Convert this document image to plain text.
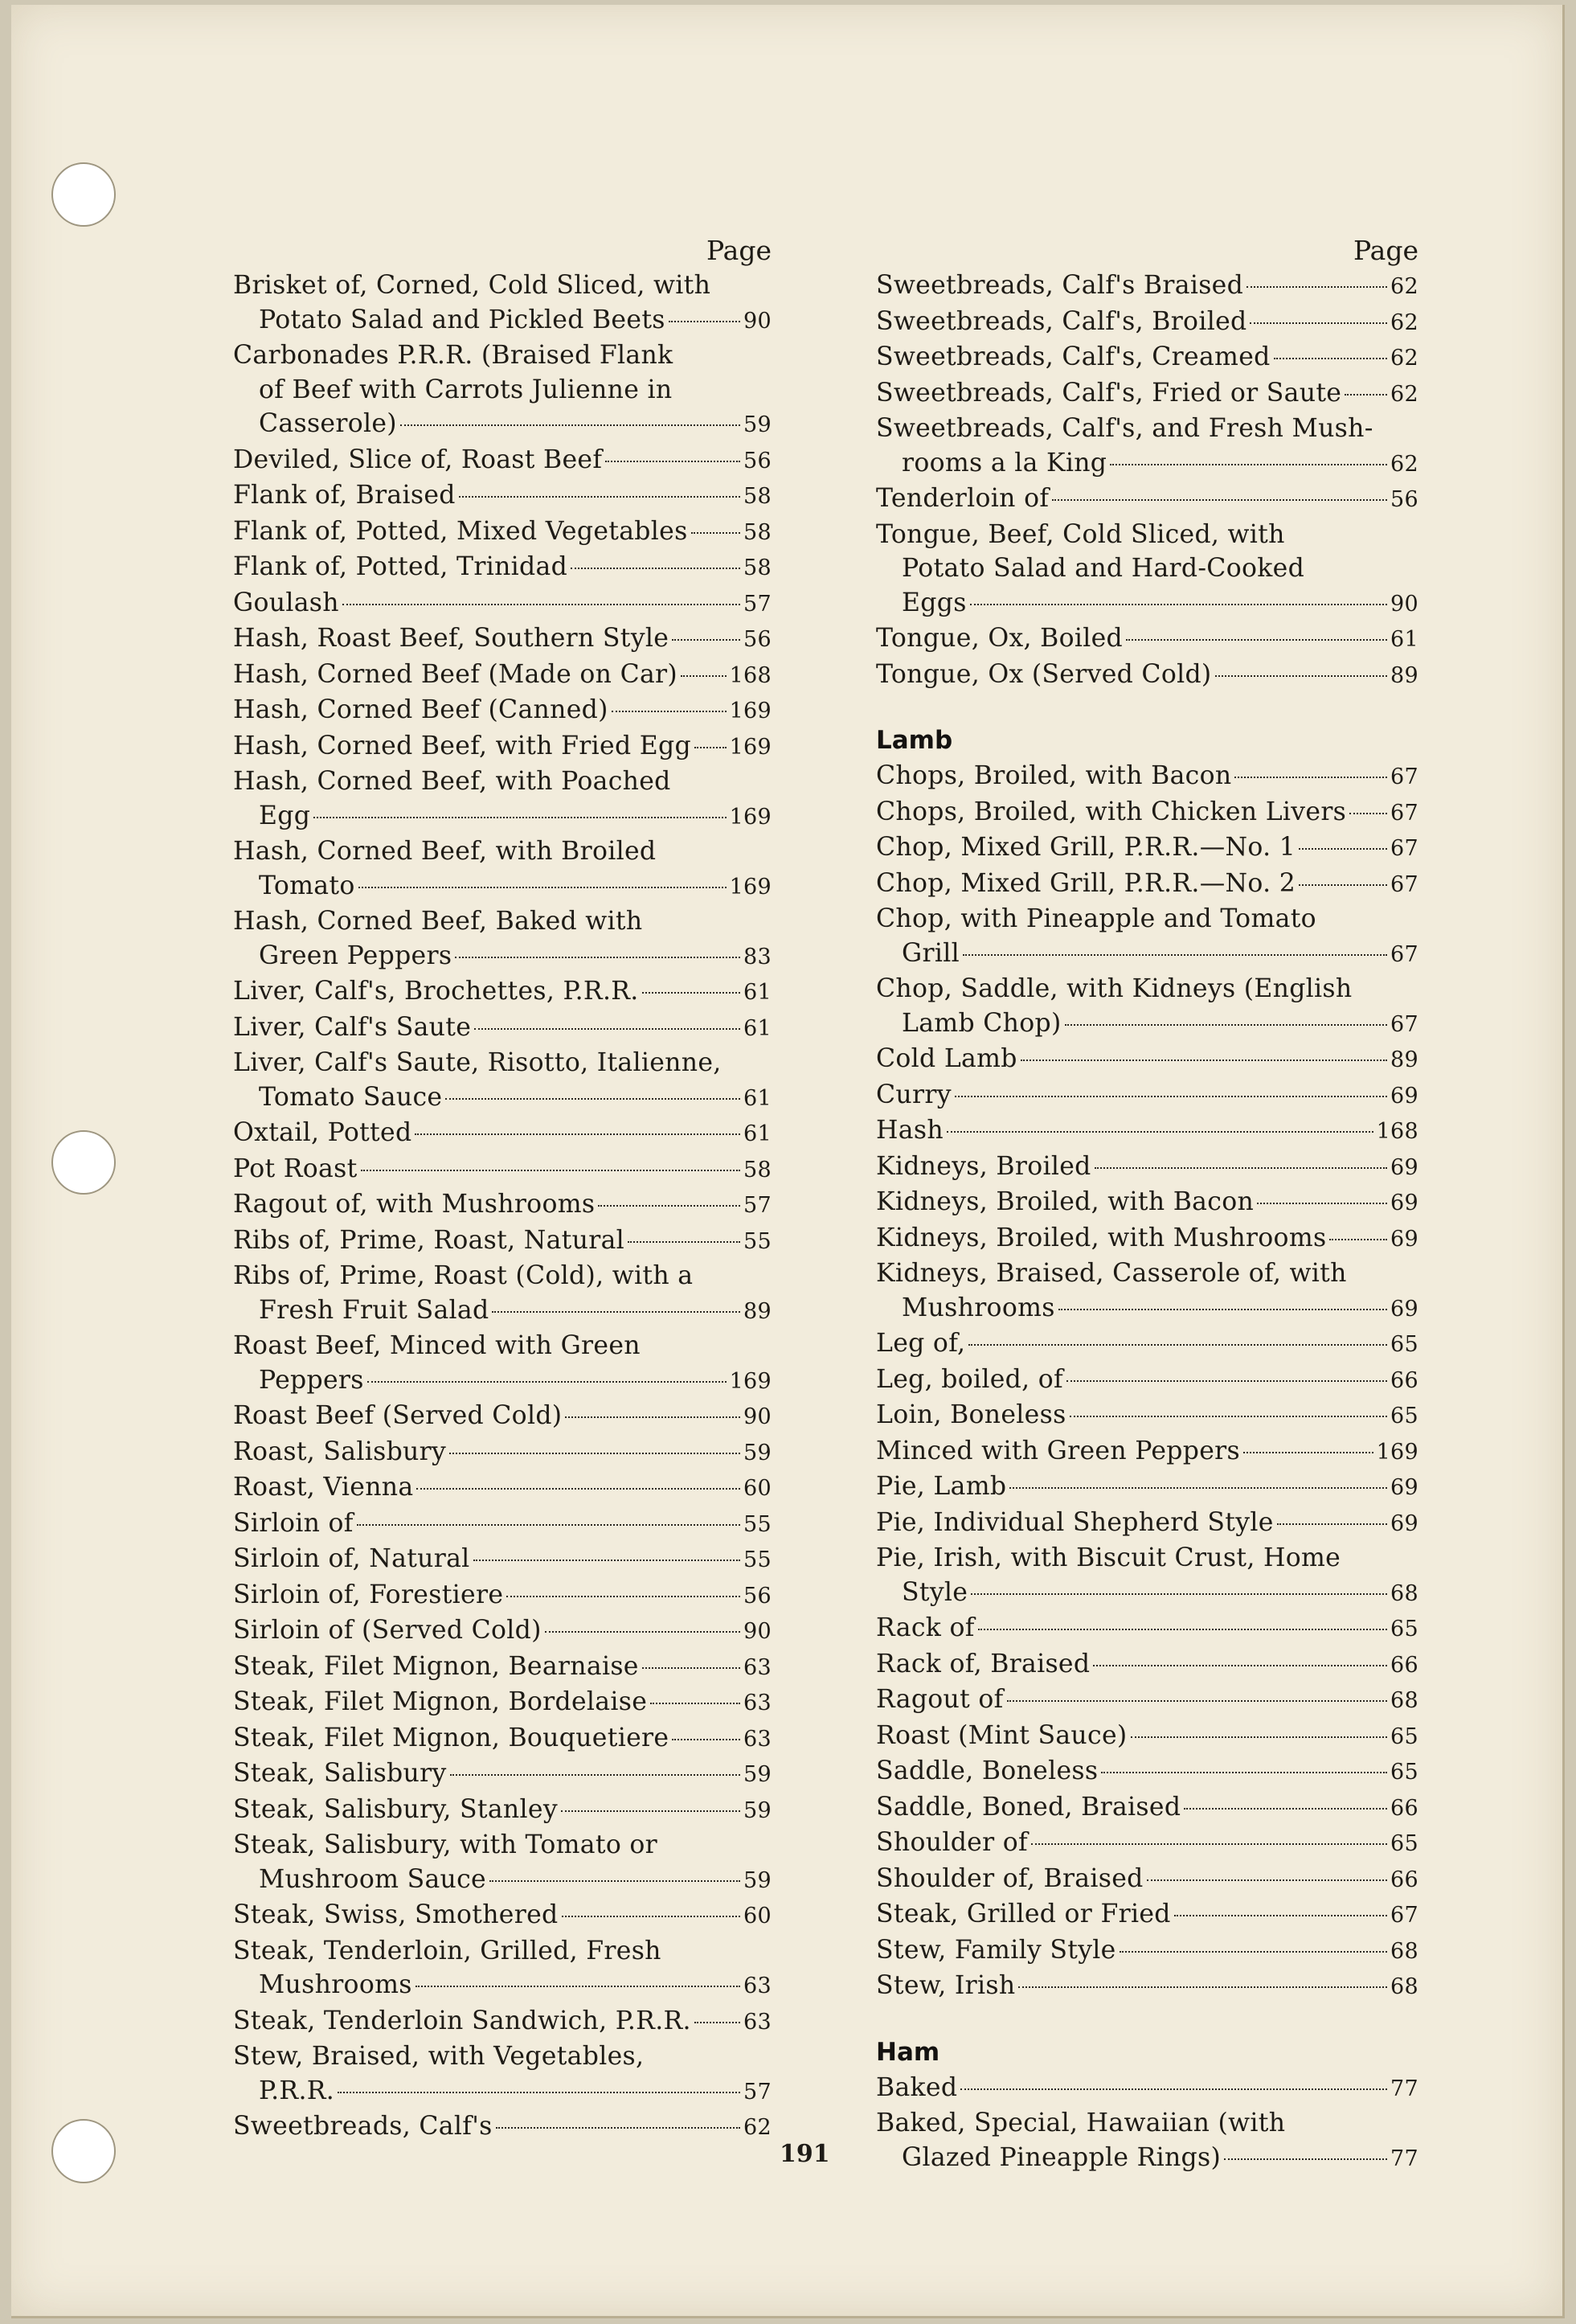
Page
Brisket of, Corned, Cold Sliced, with
Potato Salad and Pickled Beets	90
Carbonades P.R.R. (Braised Flank
of Beef with Carrots Julienne in
Casserole)	59
Deviled, Slice of, Roast Beef	56
Flank of, Braised	58
Flank of, Potted, Mixed Vegetables	58
Flank of, Potted, Trinidad	58
Goulash	57
Hash, Roast Beef, Southern Style	56
Hash, Corned Beef (Made on Car) 168
Hash, Corned Beef (Canned)	169
Hash, Corned Beef, with Fried Egg 169
Hash, Corned Beef, with Poached
Egg	169
Hash, Corned Beef, with Broiled
Tomato	169
Hash, Corned Beef, Baked with
Green Peppers	83
Liver, Calf's, Brochettes, P.R.R.	61
Liver, Calf's Saute	61
Liver, Calf's Saute, Risotto, Italienne,
Tomato Sauce	61
Oxtail, Potted	61
Pot Roast	58
Ragout of, with Mushrooms	57
Ribs of, Prime, Roast, Natural	55
Ribs of, Prime, Roast (Cold), with a
Fresh Fruit Salad	89
Roast Beef, Minced with Green
Peppers	169
Roast Beef (Served Cold)	90
Roast, Salisbury	59
Roast, Vienna	60
Sirloin of	55
Sirloin of, Natural	55
Sirloin of, Forestiere	56
Sirloin of (Served Cold)	90
Steak, Filet Mignon, Bearnaise	63
Steak, Filet Mignon, Bordelaise	63
Steak, Filet Mignon, Bouquetiere	63
Steak, Salisbury	59
Steak, Salisbury, Stanley	59
Steak, Salisbury, with Tomato or
Mushroom Sauce	59
Steak, Swiss, Smothered	60
Steak, Tenderloin, Grilled, Fresh
Mushrooms	63
Steak, Tenderloin Sandwich, P.R.R. 63
Stew, Braised, with Vegetables,
P.R.R.	57
Sweetbreads, Calf's	62
Page
Sweetbreads, Calf's Braised	62
Sweetbreads, Calf's, Broiled	62
Sweetbreads, Calf's, Creamed	62
Sweetbreads, Calf's, Fried or Saute 62
Sweetbreads, Calf's, and Fresh Mush-
rooms a la King	62
Tenderloin of	56
Tongue, Beef, Cold Sliced, with
Potato Salad and Hard-Cooked
Eggs	90
Tongue, Ox, Boiled	61
Tongue, Ox (Served Cold)	89
Lamb
Chops, Broiled, with Bacon	67
Chops, Broiled, with Chicken Livers 67
Chop, Mixed Grill, P.R.R.—No. 1	67
Chop, Mixed Grill, P.R.R.—No. 2	67
Chop, with Pineapple and Tomato
Grill	67
Chop, Saddle, with Kidneys (English
Lamb Chop)	67
Cold Lamb	89
Curry	69
Hash	168
Kidneys, Broiled	69
Kidneys, Broiled, with Bacon	69
Kidneys, Broiled, with Mushrooms	69
Kidneys, Braised, Casserole of, with
Mushrooms	69
Leg of,	65
Leg, boiled, of	66
Loin, Boneless	65
Minced with Green Peppers	169
Pie, Lamb	69
Pie, Individual Shepherd Style	69
Pie, Irish, with Biscuit Crust, Home
Style	68
Rack of	65
Rack of, Braised	66
Ragout of	68
Roast (Mint Sauce)	65
Saddle, Boneless	65
Saddle, Boned, Braised	66
Shoulder of	65
Shoulder of, Braised	66
Steak, Grilled or Fried	67
Stew, Family Style	68
Stew, Irish	68
Ham
Baked	77
Baked, Special, Hawaiian (with
Glazed Pineapple Rings)	77
191
